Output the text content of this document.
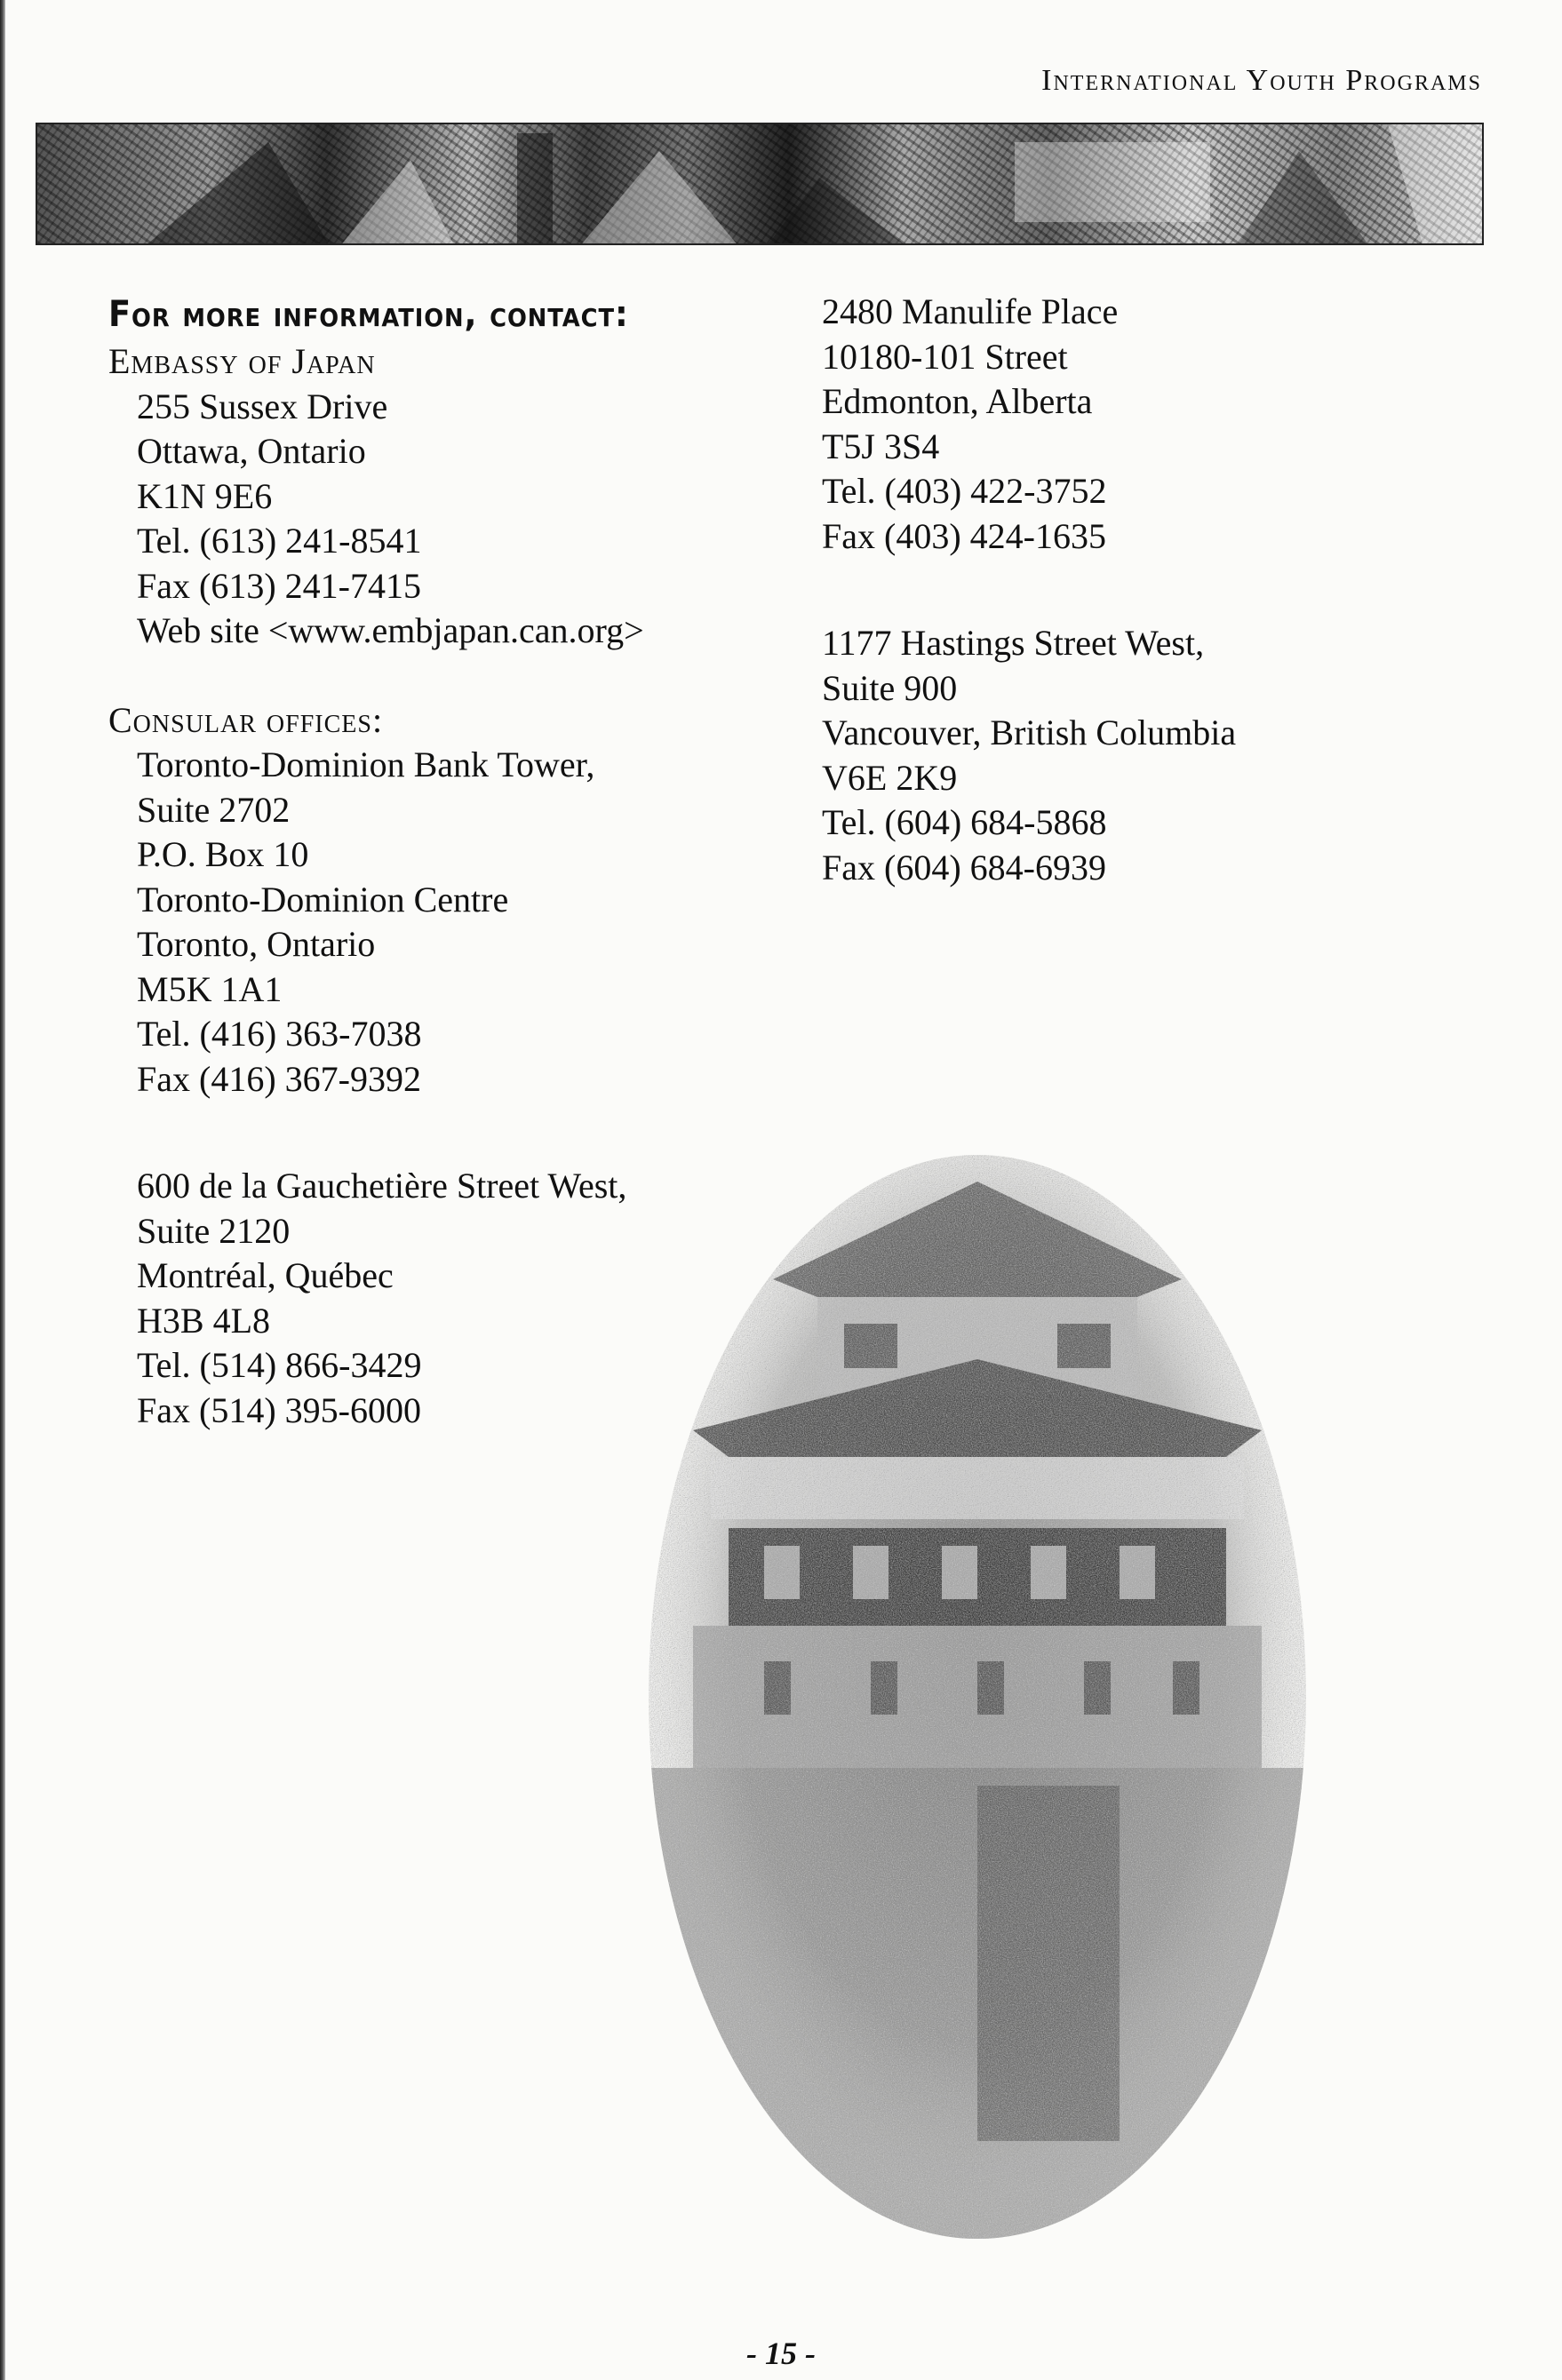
International Youth Programs
For more information, contact:
Embassy of Japan
255 Sussex Drive
Ottawa, Ontario
K1N 9E6
Tel. (613) 241-8541
Fax (613) 241-7415
Web site <www.embjapan.can.org>
Consular offices:
Toronto-Dominion Bank Tower,
Suite 2702
P.O. Box 10
Toronto-Dominion Centre
Toronto, Ontario
M5K 1A1
Tel. (416) 363-7038
Fax (416) 367-9392
600 de la Gauchetière Street West,
Suite 2120
Montréal, Québec
H3B 4L8
Tel. (514) 866-3429
Fax (514) 395-6000
2480 Manulife Place
10180-101 Street
Edmonton, Alberta
T5J 3S4
Tel. (403) 422-3752
Fax (403) 424-1635
1177 Hastings Street West,
Suite 900
Vancouver, British Columbia
V6E 2K9
Tel. (604) 684-5868
Fax (604) 684-6939
- 15 -
